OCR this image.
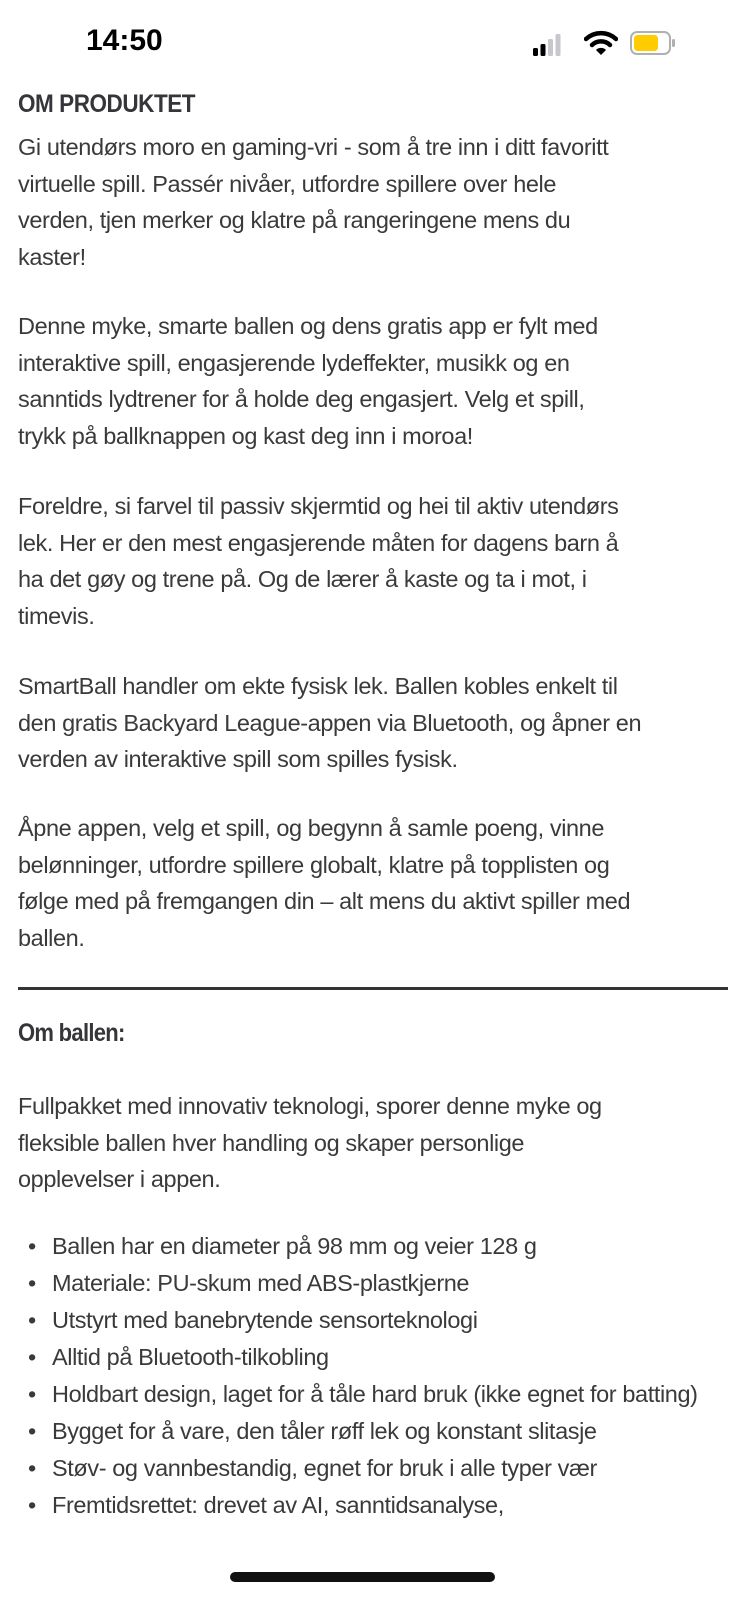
14:50
OM PRODUKTET
Gi utendørs moro en gaming-vri - som å tre inn i ditt favoritt
virtuelle spill. Passér nivåer, utfordre spillere over hele
verden, tjen merker og klatre på rangeringene mens du
kaster!
Denne myke, smarte ballen og dens gratis app er fylt med
interaktive spill, engasjerende lydeffekter, musikk og en
sanntids lydtrener for å holde deg engasjert. Velg et spill,
trykk på ballknappen og kast deg inn i moroa!
Foreldre, si farvel til passiv skjermtid og hei til aktiv utendørs
lek. Her er den mest engasjerende måten for dagens barn å
ha det gøy og trene på. Og de lærer å kaste og ta i mot, i
timevis.
SmartBall handler om ekte fysisk lek. Ballen kobles enkelt til
den gratis Backyard League-appen via Bluetooth, og åpner en
verden av interaktive spill som spilles fysisk.
Åpne appen, velg et spill, og begynn å samle poeng, vinne
belønninger, utfordre spillere globalt, klatre på topplisten og
følge med på fremgangen din – alt mens du aktivt spiller med
ballen.
Om ballen:
Fullpakket med innovativ teknologi, sporer denne myke og
fleksible ballen hver handling og skaper personlige
opplevelser i appen.
• Ballen har en diameter på 98 mm og veier 128 g
• Materiale: PU-skum med ABS-plastkjerne
• Utstyrt med banebrytende sensorteknologi
• Alltid på Bluetooth-tilkobling
• Holdbart design, laget for å tåle hard bruk (ikke egnet for batting)
• Bygget for å vare, den tåler røff lek og konstant slitasje
• Støv- og vannbestandig, egnet for bruk i alle typer vær
• Fremtidsrettet: drevet av AI, sanntidsanalyse,
